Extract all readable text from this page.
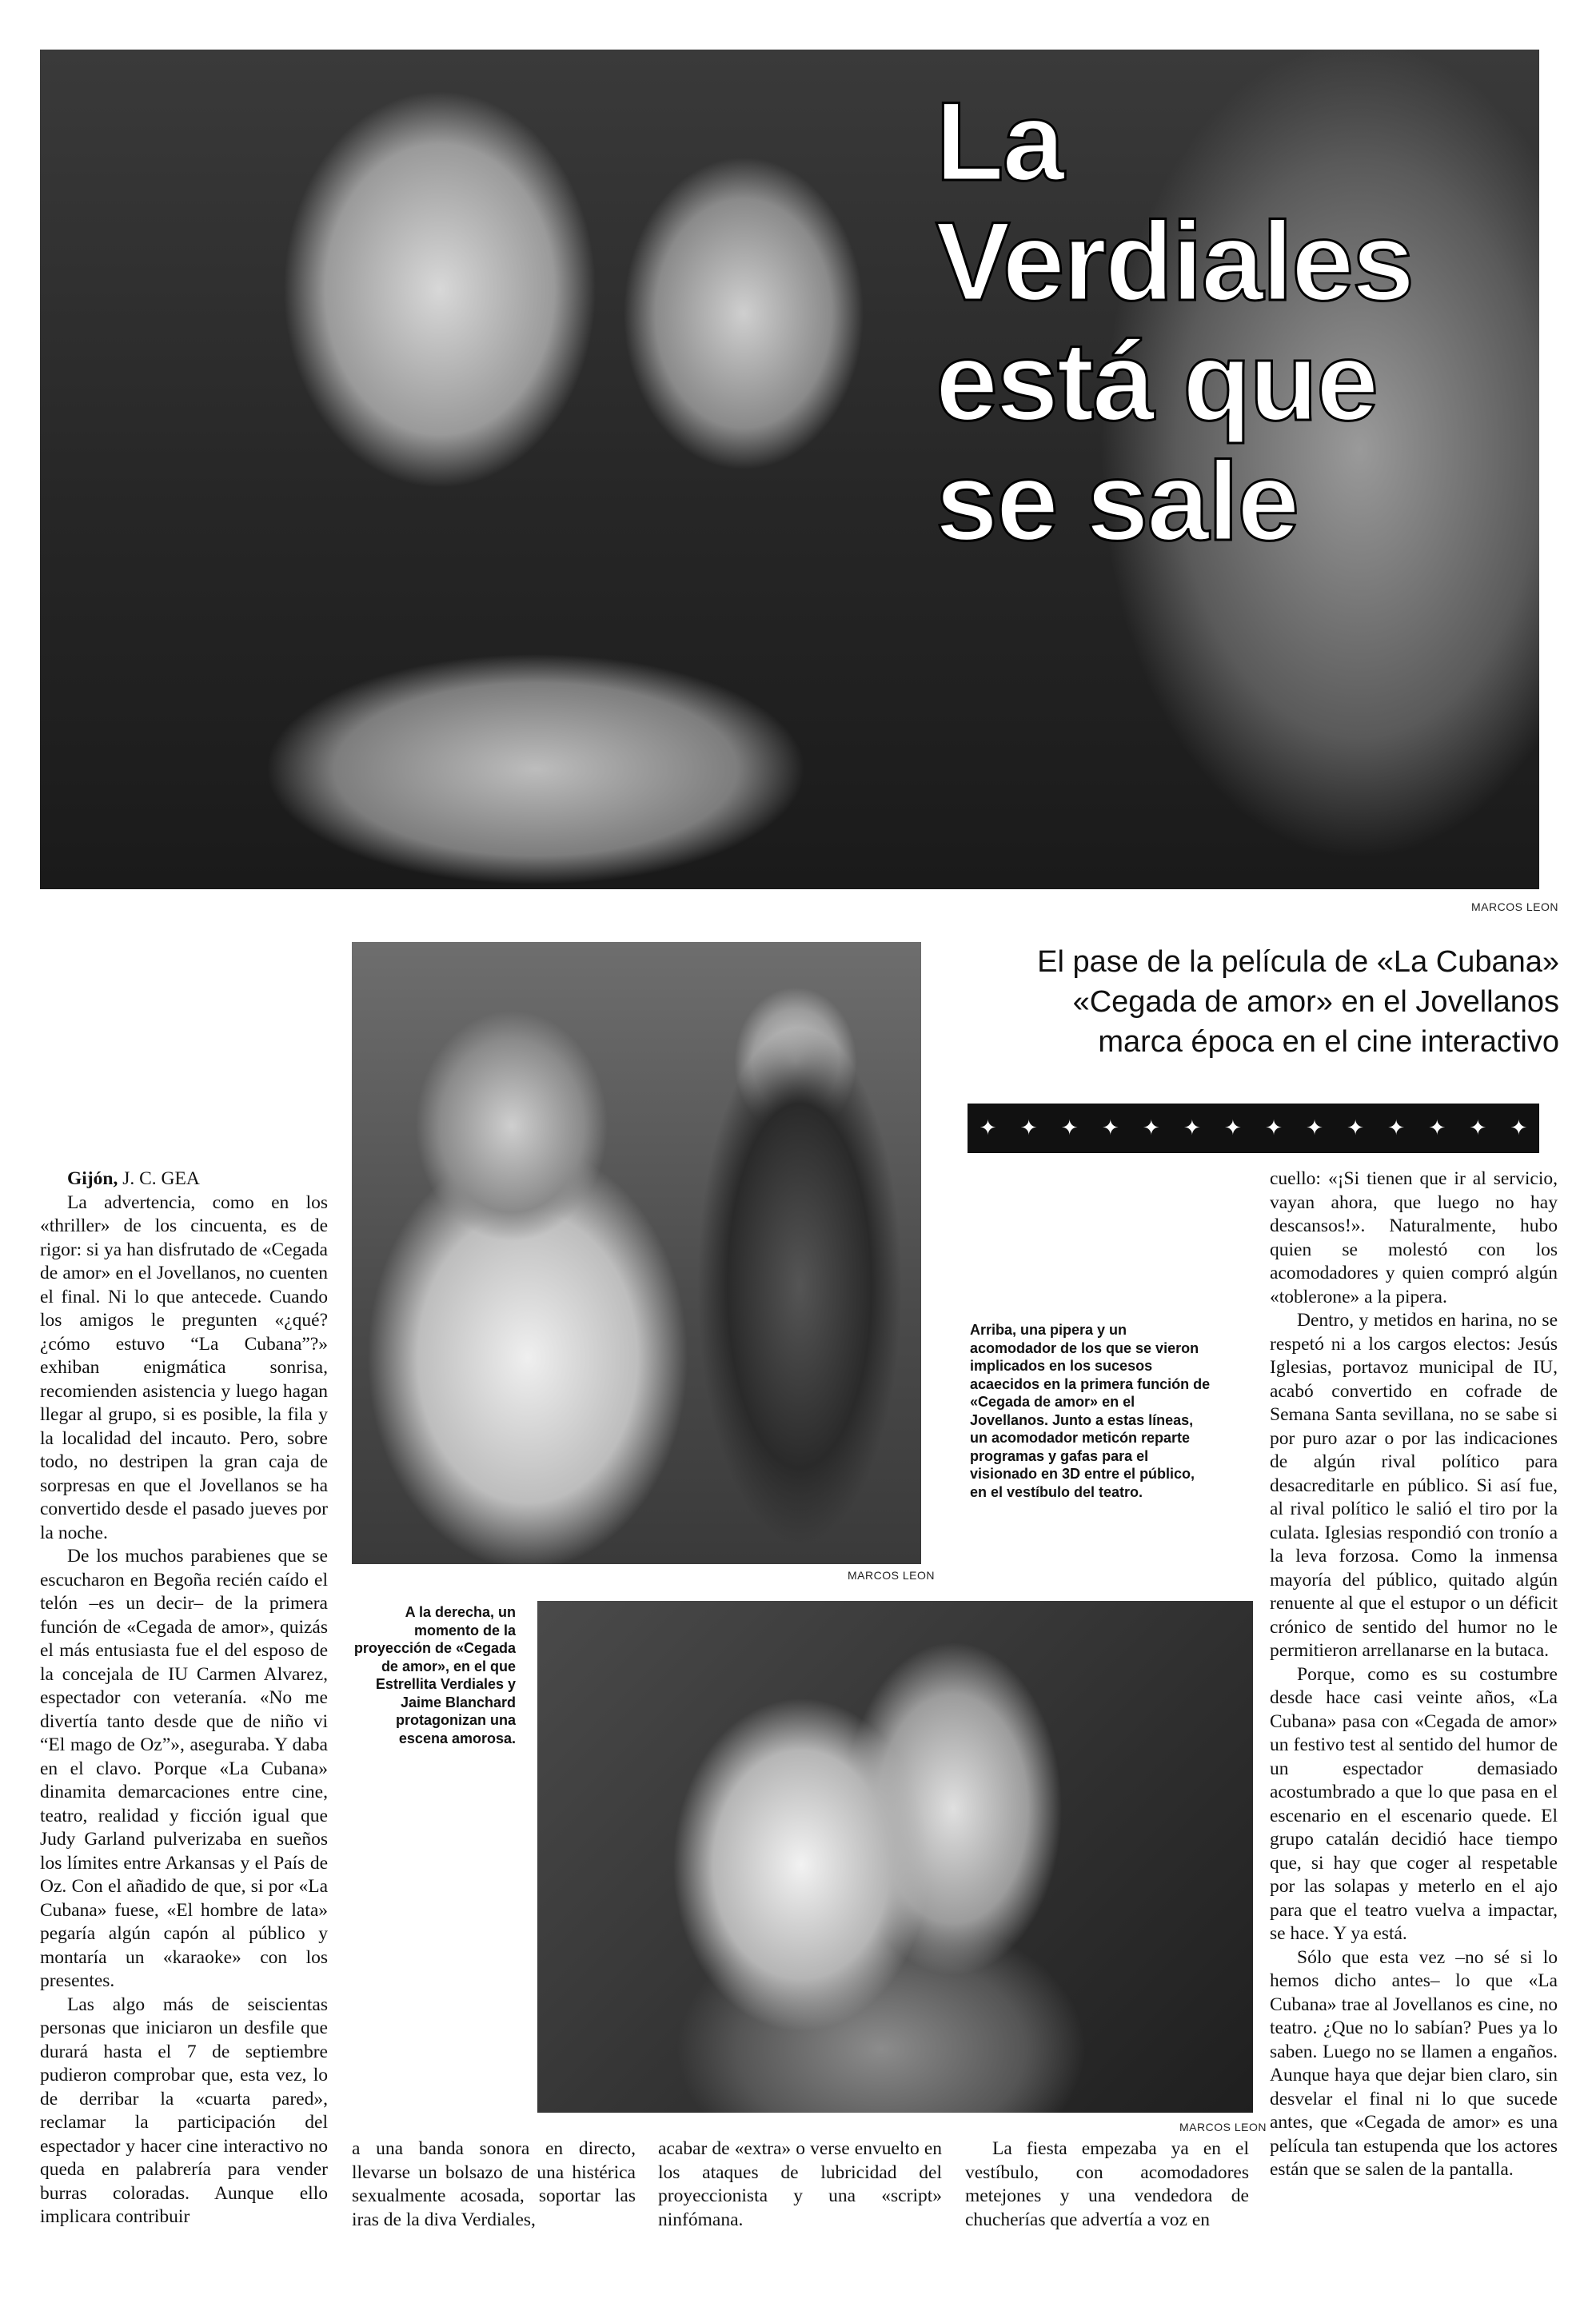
La
Verdiales
está que
se sale
MARCOS LEON
MARCOS LEON
El pase de la película de «La Cubana»
«Cegada de amor» en el Jovellanos
marca época en el cine interactivo
✦ ✦ ✦ ✦ ✦ ✦ ✦ ✦ ✦ ✦ ✦ ✦ ✦ ✦

Arriba, una pipera y un acomodador de los que se vieron implicados en los sucesos acaecidos en la primera función de «Cegada de amor» en el Jovellanos. Junto a estas líneas, un acomodador meticón reparte programas y gafas para el visionado en 3D entre el público, en el vestíbulo del teatro.

MARCOS LEON

A la derecha, un momento de la proyección de «Cegada de amor», en el que Estrellita Verdiales y Jaime Blanchard protagonizan una escena amorosa.

Gijón, J. C. GEA

La advertencia, como en los «thriller» de los cincuenta, es de rigor: si ya han disfrutado de «Cegada de amor» en el Jovellanos, no cuenten el final. Ni lo que antecede. Cuando los amigos le pregunten «¿qué? ¿cómo estuvo “La Cubana”?» exhiban enigmática sonrisa, recomienden asistencia y luego hagan llegar al grupo, si es posible, la fila y la localidad del incauto. Pero, sobre todo, no destripen la gran caja de sorpresas en que el Jovellanos se ha convertido desde el pasado jueves por la noche.

De los muchos parabienes que se escucharon en Begoña recién caído el telón –es un decir– de la primera función de «Cegada de amor», quizás el más entusiasta fue el del esposo de la concejala de IU Carmen Alvarez, espectador con veteranía. «No me divertía tanto desde que de niño vi “El mago de Oz”», aseguraba. Y daba en el clavo. Porque «La Cubana» dinamita demarcaciones entre cine, teatro, realidad y ficción igual que Judy Garland pulverizaba en sueños los límites entre Arkansas y el País de Oz. Con el añadido de que, si por «La Cubana» fuese, «El hombre de lata» pegaría algún capón al público y montaría un «karaoke» con los presentes.

Las algo más de seiscientas personas que iniciaron un desfile que durará hasta el 7 de septiembre pudieron comprobar que, esta vez, lo de derribar la «cuarta pared», reclamar la participación del espectador y hacer cine interactivo no queda en palabrería para vender burras coloradas. Aunque ello implicara contribuir

a una banda sonora en directo, llevarse un bolsazo de una histérica sexualmente acosada, soportar las iras de la diva Verdiales,

acabar de «extra» o verse envuelto en los ataques de lubricidad del proyeccionista y una «script» ninfómana.

La fiesta empezaba ya en el vestíbulo, con acomodadores metejones y una vendedora de chucherías que advertía a voz en

cuello: «¡Si tienen que ir al servicio, vayan ahora, que luego no hay descansos!». Naturalmente, hubo quien se molestó con los acomodadores y quien compró algún «toblerone» a la pipera.

Dentro, y metidos en harina, no se respetó ni a los cargos electos: Jesús Iglesias, portavoz municipal de IU, acabó convertido en cofrade de Semana Santa sevillana, no se sabe si por puro azar o por las indicaciones de algún rival político para desacreditarle en público. Si así fue, al rival político le salió el tiro por la culata. Iglesias respondió con tronío a la leva forzosa. Como la inmensa mayoría del público, quitado algún renuente al que el estupor o un déficit crónico de sentido del humor no le permitieron arrellanarse en la butaca.

Porque, como es su costumbre desde hace casi veinte años, «La Cubana» pasa con «Cegada de amor» un festivo test al sentido del humor de un espectador demasiado acostumbrado a que lo que pasa en el escenario en el escenario quede. El grupo catalán decidió hace tiempo que, si hay que coger al respetable por las solapas y meterlo en el ajo para que el teatro vuelva a impactar, se hace. Y ya está.

Sólo que esta vez –no sé si lo hemos dicho antes– lo que «La Cubana» trae al Jovellanos es cine, no teatro. ¿Que no lo sabían? Pues ya lo saben. Luego no se llamen a engaños. Aunque haya que dejar bien claro, sin desvelar el final ni lo que sucede antes, que «Cegada de amor» es una película tan estupenda que los actores están que se salen de la pantalla.
